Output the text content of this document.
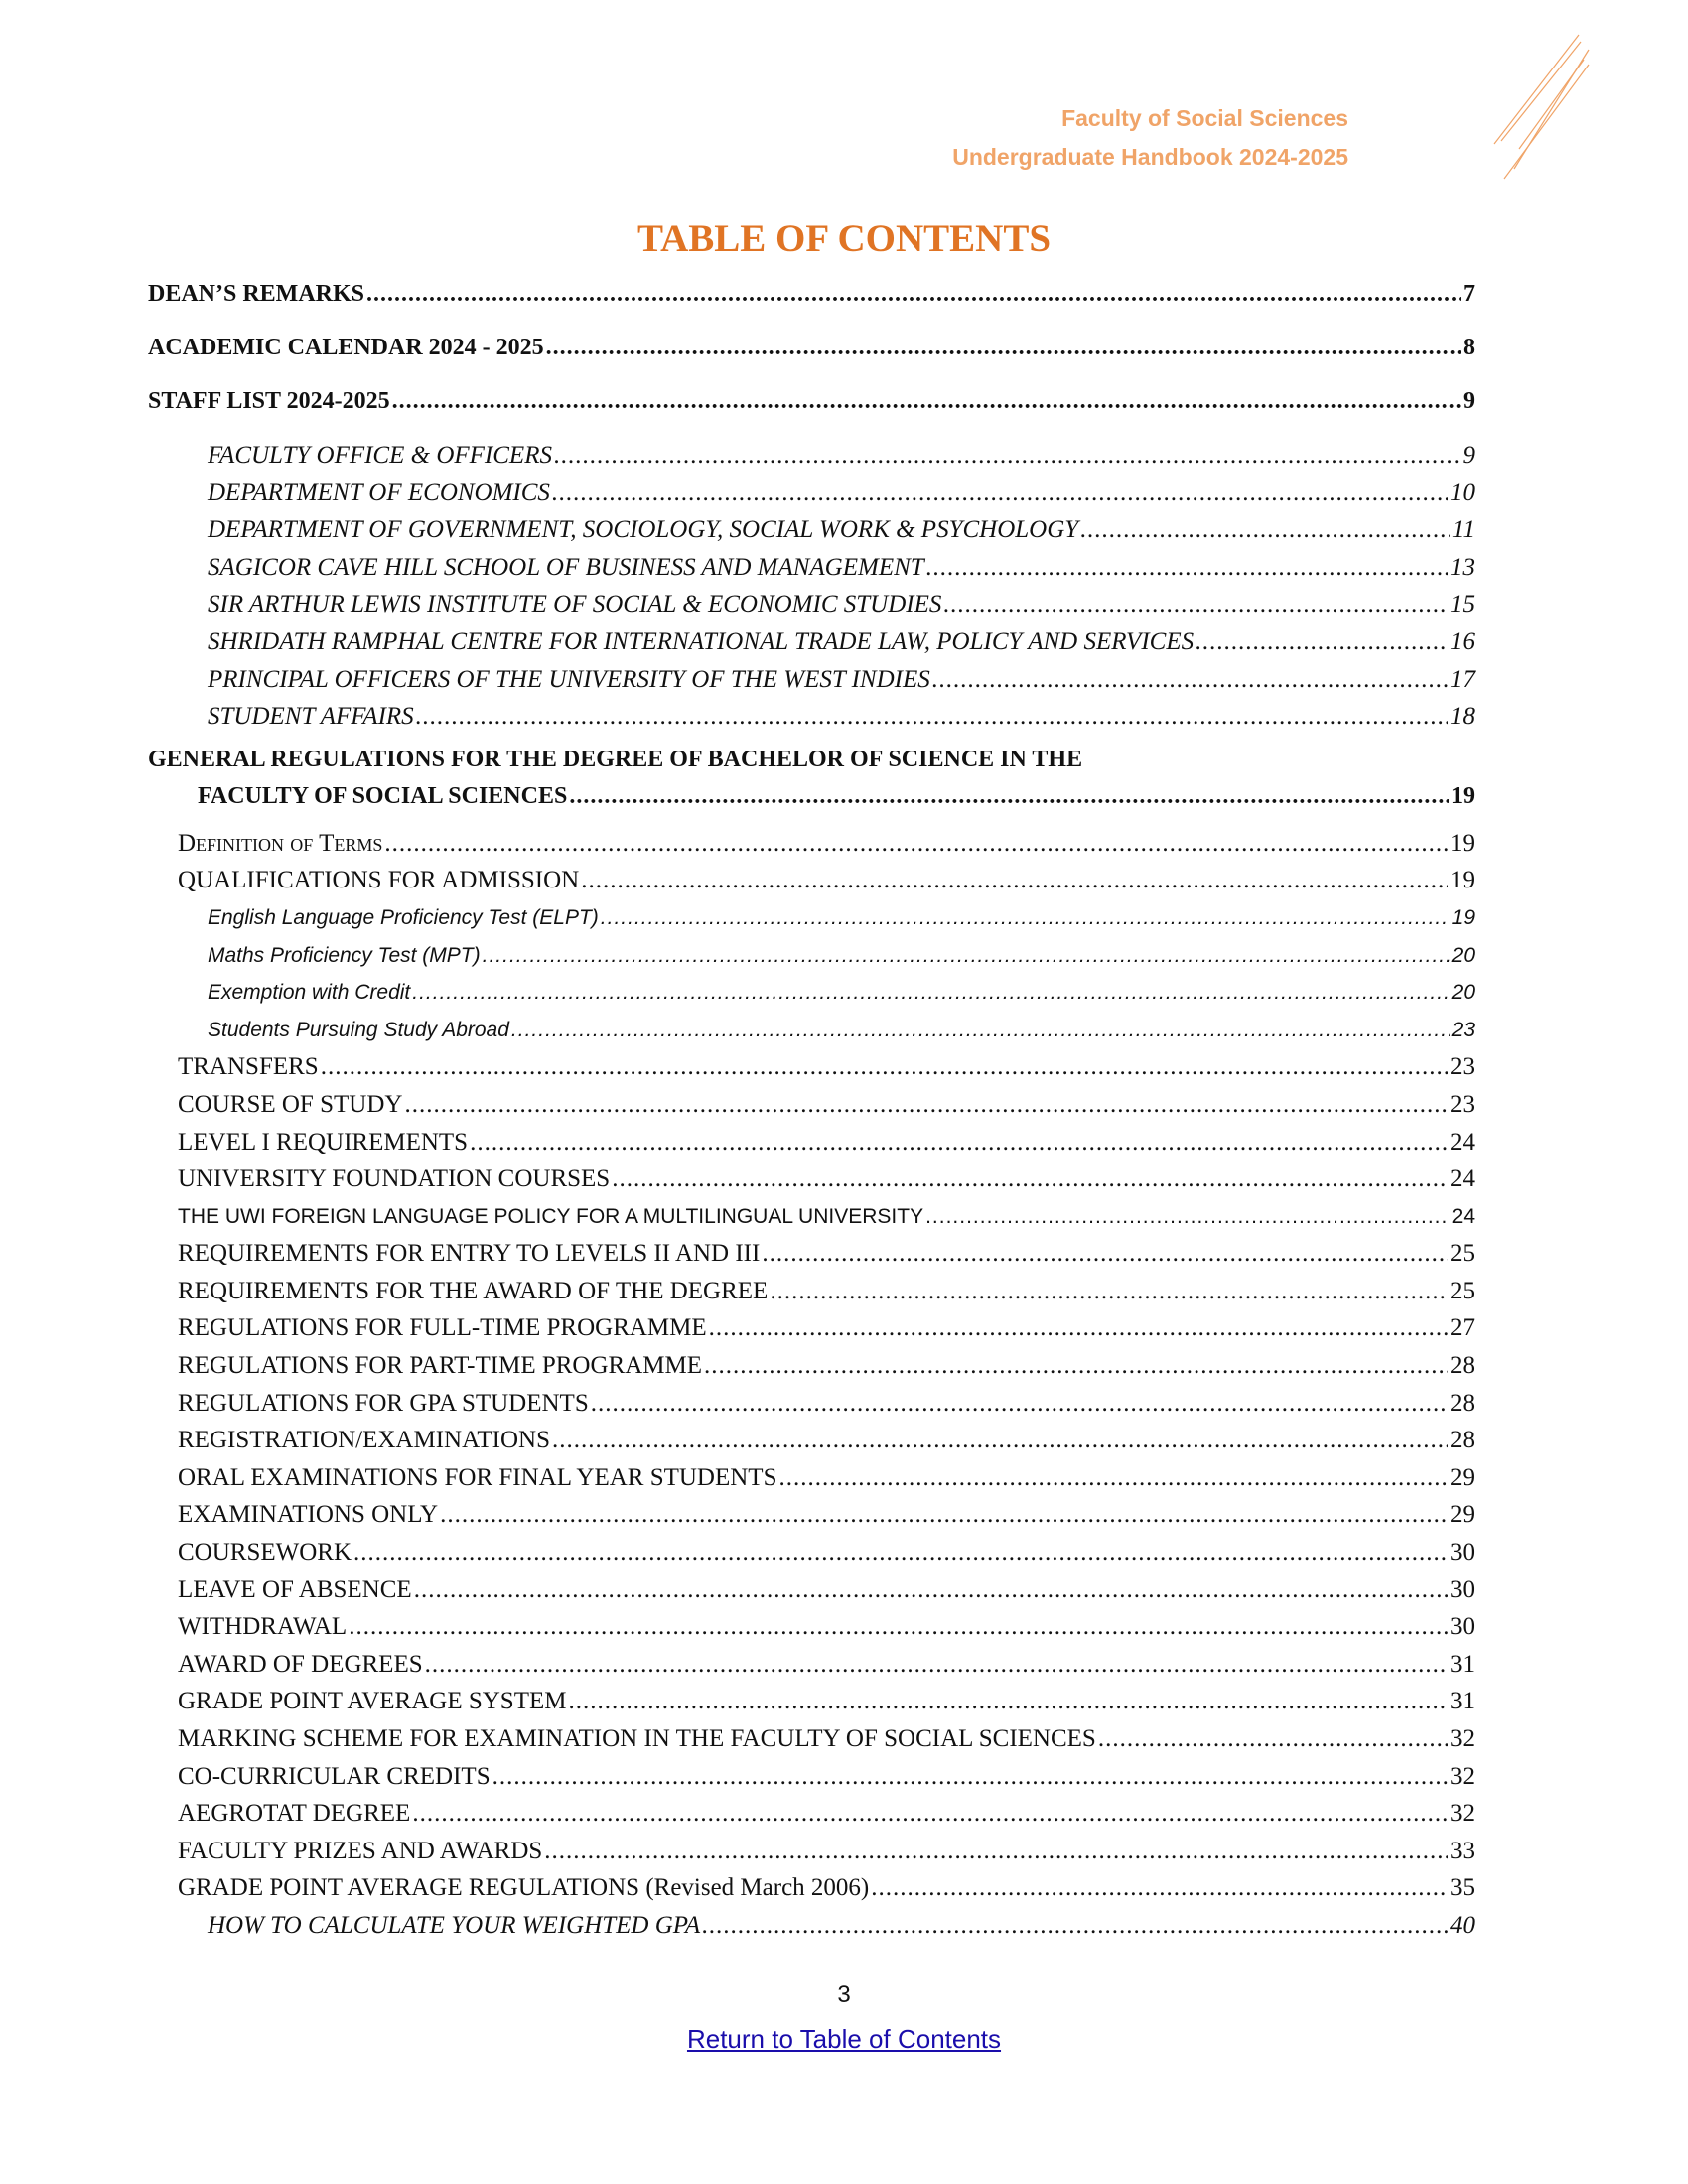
Faculty of Social Sciences
Undergraduate Handbook 2024-2025
TABLE OF CONTENTS
DEAN’S REMARKS .....	7
ACADEMIC CALENDAR 2024 - 2025 .....	8
STAFF LIST 2024-2025 .....	9
FACULTY OFFICE & OFFICERS .....	9
DEPARTMENT OF ECONOMICS .....	10
DEPARTMENT OF GOVERNMENT, SOCIOLOGY, SOCIAL WORK & PSYCHOLOGY .....	11
SAGICOR CAVE HILL SCHOOL OF BUSINESS AND MANAGEMENT .....	13
SIR ARTHUR LEWIS INSTITUTE OF SOCIAL & ECONOMIC STUDIES .....	15
SHRIDATH RAMPHAL CENTRE FOR INTERNATIONAL TRADE LAW, POLICY AND SERVICES .....	16
PRINCIPAL OFFICERS OF THE UNIVERSITY OF THE WEST INDIES .....	17
STUDENT AFFAIRS .....	18
GENERAL REGULATIONS FOR THE DEGREE OF BACHELOR OF SCIENCE IN THE
FACULTY OF SOCIAL SCIENCES .....	19
Definition of Terms .....	19
QUALIFICATIONS FOR ADMISSION .....	19
English Language Proficiency Test (ELPT) .....	19
Maths Proficiency Test (MPT) .....	20
Exemption with Credit .....	20
Students Pursuing Study Abroad .....	23
TRANSFERS .....	23
COURSE OF STUDY .....	23
LEVEL I REQUIREMENTS .....	24
UNIVERSITY FOUNDATION COURSES .....	24
THE UWI FOREIGN LANGUAGE POLICY FOR A MULTILINGUAL UNIVERSITY .....	24
REQUIREMENTS FOR ENTRY TO LEVELS II AND III .....	25
REQUIREMENTS FOR THE AWARD OF THE DEGREE .....	25
REGULATIONS FOR FULL-TIME PROGRAMME .....	27
REGULATIONS FOR PART-TIME PROGRAMME .....	28
REGULATIONS FOR GPA STUDENTS .....	28
REGISTRATION/EXAMINATIONS .....	28
ORAL EXAMINATIONS FOR FINAL YEAR STUDENTS .....	29
EXAMINATIONS ONLY .....	29
COURSEWORK .....	30
LEAVE OF ABSENCE .....	30
WITHDRAWAL .....	30
AWARD OF DEGREES .....	31
GRADE POINT AVERAGE SYSTEM .....	31
MARKING SCHEME FOR EXAMINATION IN THE FACULTY OF SOCIAL SCIENCES .....	32
CO-CURRICULAR CREDITS .....	32
AEGROTAT DEGREE .....	32
FACULTY PRIZES AND AWARDS .....	33
GRADE POINT AVERAGE REGULATIONS (Revised March 2006) .....	35
HOW TO CALCULATE YOUR WEIGHTED GPA .....	40
3
Return to Table of Contents
